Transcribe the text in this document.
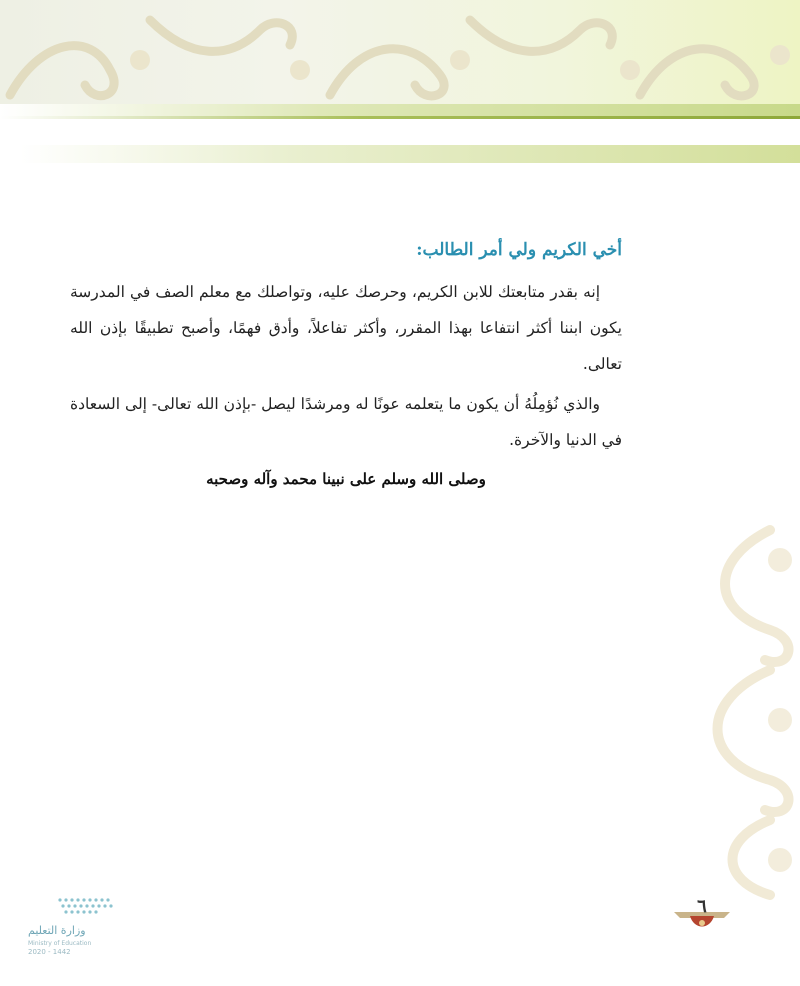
أخي الكريم ولي أمر الطالب:

إنه بقدر متابعتك للابن الكريم، وحرصك عليه، وتواصلك مع معلم الصف في المدرسة يكون ابننا أكثر انتفاعا بهذا المقرر، وأكثر تفاعلاً، وأدق فهمًا، وأصبح تطبيقًا بإذن الله تعالى.

والذي نُؤمِلُهُ أن يكون ما يتعلمه عونًا له ومرشدًا ليصل -بإذن الله تعالى- إلى السعادة في الدنيا والآخرة.

وصلى الله وسلم على نبينا محمد وآله وصحبه

٦
وزارة التعليم
Ministry of Education
2020 - 1442
